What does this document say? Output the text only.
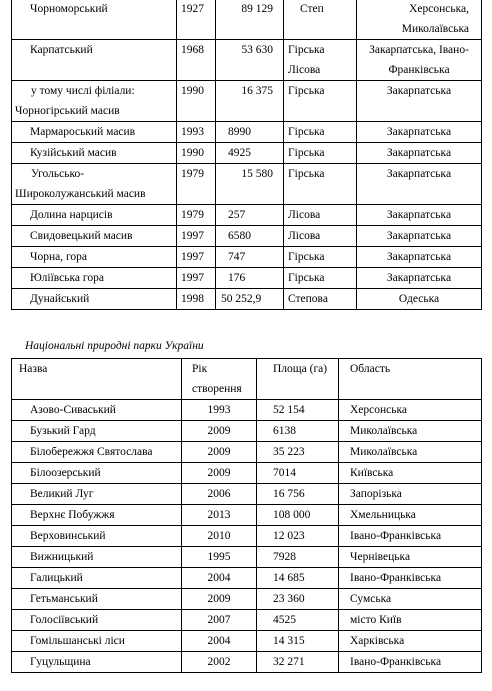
Чорноморський	1927	89 129	Степ	Херсонська, Миколаївська
Карпатський	1968	53 630	Гірська Лісова	Закарпатська, Івано-Франківська
у тому числі філіали: Чорногірський масив	1990	16 375	Гірська	Закарпатська
Мармароський масив	1993	8990	Гірська	Закарпатська
Кузійський масив	1990	4925	Гірська	Закарпатська
Угольсько-Широколужанський масив	1979	15 580	Гірська	Закарпатська
Долина нарцисів	1979	257	Лісова	Закарпатська
Свидовецький масив	1997	6580	Лісова	Закарпатська
Чорна, гора	1997	747	Гірська	Закарпатська
Юліївська гора	1997	176	Гірська	Закарпатська
Дунайський	1998	50 252,9	Степова	Одеська
Національні природні парки України
Назва	Рік створення	Площа (га)	Область
Азово-Сиваський	1993	52 154	Херсонська
Бузький Гард	2009	6138	Миколаївська
Білобережжя Святослава	2009	35 223	Миколаївська
Білоозерський	2009	7014	Київська
Великий Луг	2006	16 756	Запорізька
Верхнє Побужжя	2013	108 000	Хмельницька
Верховинський	2010	12 023	Івано-Франківська
Вижницький	1995	7928	Чернівецька
Галицький	2004	14 685	Івано-Франківська
Гетьманський	2009	23 360	Сумська
Голосіївський	2007	4525	місто Київ
Гомільшанські ліси	2004	14 315	Харківська
Гуцульщина	2002	32 271	Івано-Франківська
